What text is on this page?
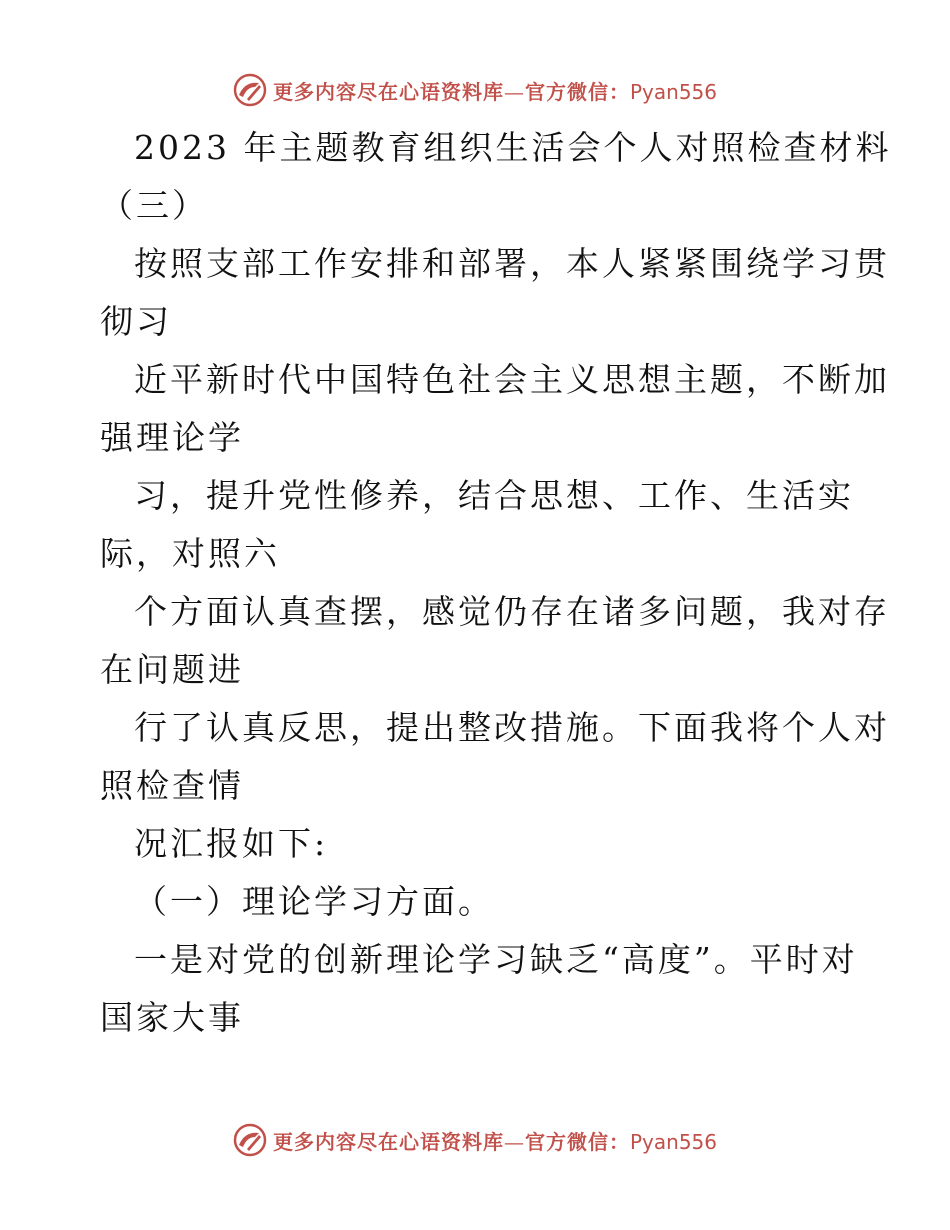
更多内容尽在心语资料库—官方微信：Pyan556
2023 年主题教育组织生活会个人对照检查材料
（三）
按照支部工作安排和部署，本人紧紧围绕学习贯
彻习
近平新时代中国特色社会主义思想主题，不断加
强理论学
习，提升党性修养，结合思想、工作、生活实
际，对照六
个方面认真查摆，感觉仍存在诸多问题，我对存
在问题进
行了认真反思，提出整改措施。下面我将个人对
照检查情
况汇报如下:
（一）理论学习方面。
一是对党的创新理论学习缺乏“高度”。平时对
国家大事
更多内容尽在心语资料库—官方微信：Pyan556
